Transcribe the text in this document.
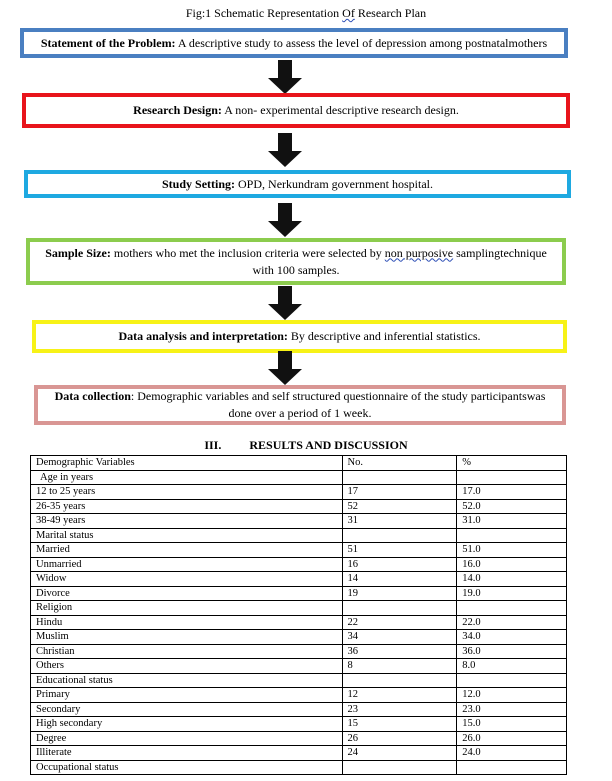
Fig:1 Schematic Representation Of Research Plan
Statement of the Problem: A descriptive study to assess the level of depression among postnatalmothers
Research Design: A non- experimental descriptive research design.
Study Setting: OPD, Nerkundram government hospital.
Sample Size: mothers who met the inclusion criteria were selected by non purposive samplingtechnique with 100 samples.
Data analysis and interpretation: By descriptive and inferential statistics.
Data collection: Demographic variables and self structured questionnaire of the study participantswas done over a period of 1 week.
III. RESULTS AND DISCUSSION
Demographic Variables	No.	%
Age in years		
12 to 25 years	17	17.0
26-35 years	52	52.0
38-49 years	31	31.0
Marital status		
Married	51	51.0
Unmarried	16	16.0
Widow	14	14.0
Divorce	19	19.0
Religion		
Hindu	22	22.0
Muslim	34	34.0
Christian	36	36.0
Others	8	8.0
Educational status		
Primary	12	12.0
Secondary	23	23.0
High secondary	15	15.0
Degree	26	26.0
Illiterate	24	24.0
Occupational status		
